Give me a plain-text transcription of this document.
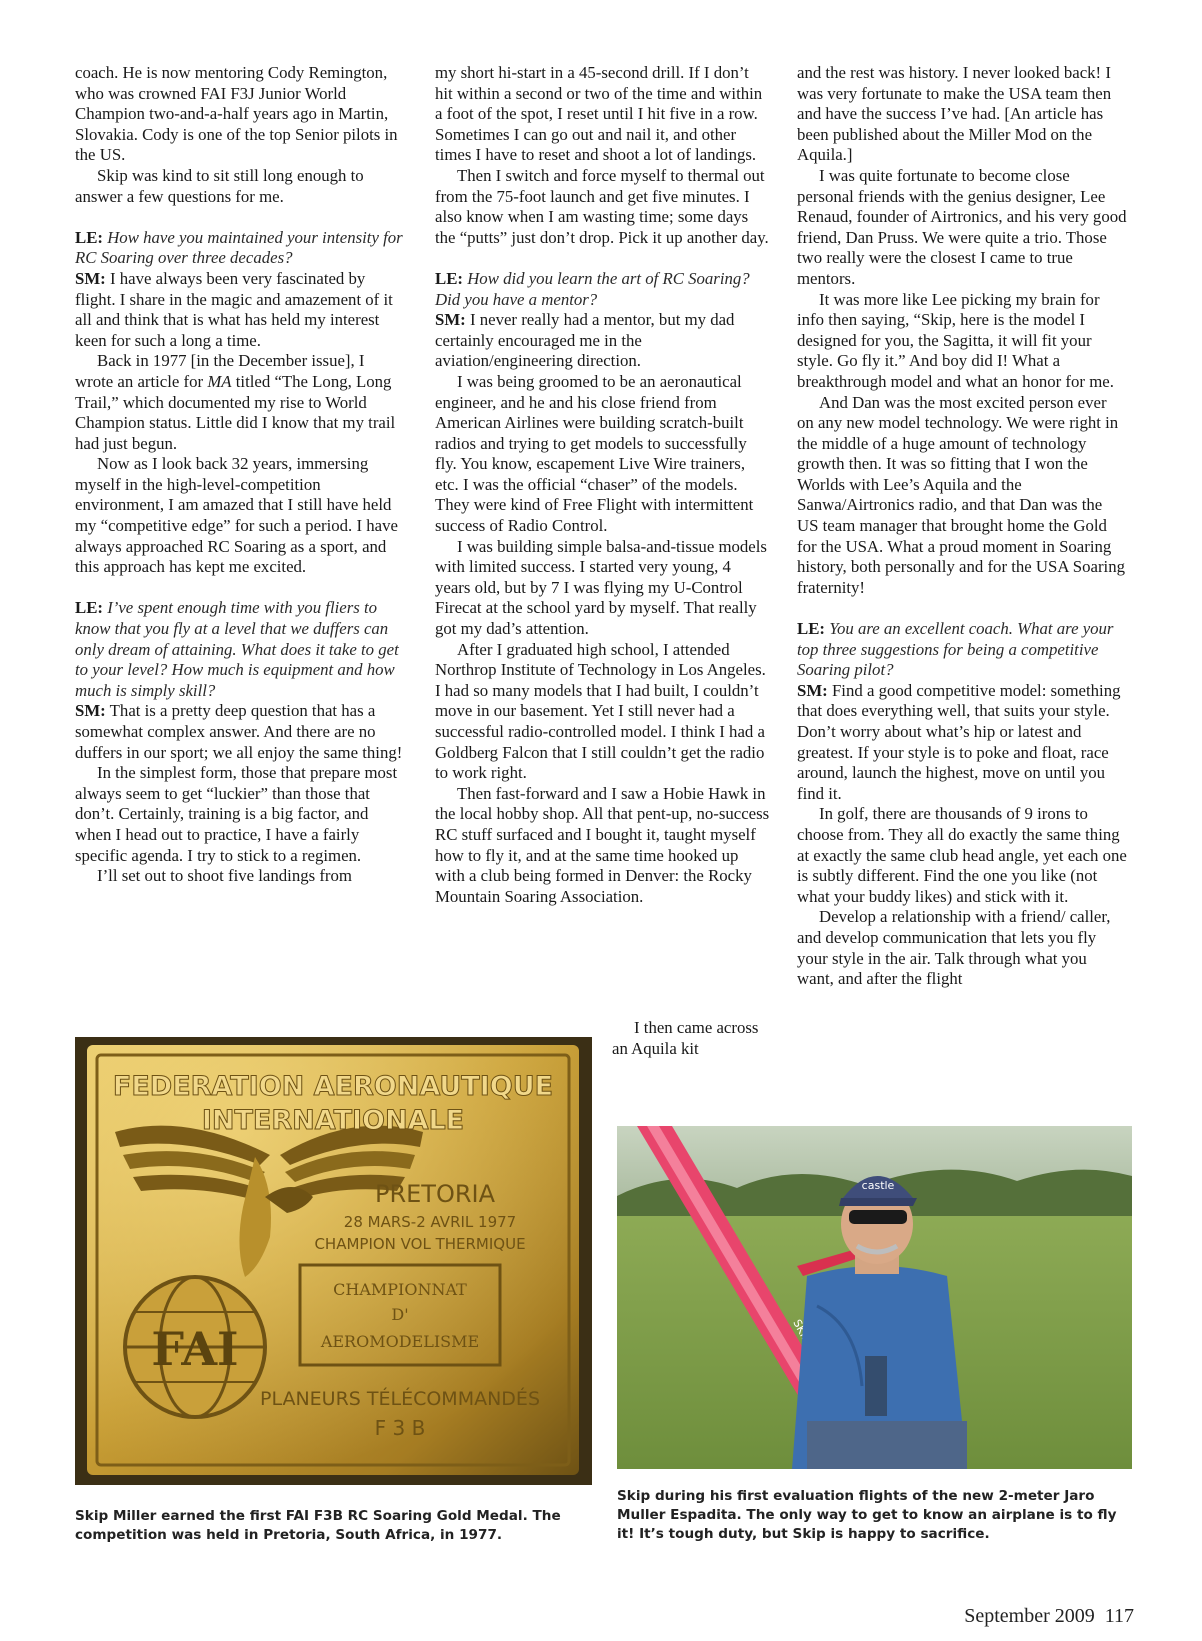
coach. He is now mentoring Cody Remington, who was crowned FAI F3J Junior World Champion two-and-a-half years ago in Martin, Slovakia. Cody is one of the top Senior pilots in the US.

Skip was kind to sit still long enough to answer a few questions for me.

LE: How have you maintained your intensity for RC Soaring over three decades?

SM: I have always been very fascinated by flight. I share in the magic and amazement of it all and think that is what has held my interest keen for such a long a time.

Back in 1977 [in the December issue], I wrote an article for MA titled “The Long, Long Trail,” which documented my rise to World Champion status. Little did I know that my trail had just begun.

Now as I look back 32 years, immersing myself in the high-level-competition environment, I am amazed that I still have held my “competitive edge” for such a period. I have always approached RC Soaring as a sport, and this approach has kept me excited.

LE: I’ve spent enough time with you fliers to know that you fly at a level that we duffers can only dream of attaining. What does it take to get to your level? How much is equipment and how much is simply skill?

SM: That is a pretty deep question that has a somewhat complex answer. And there are no duffers in our sport; we all enjoy the same thing!

In the simplest form, those that prepare most always seem to get “luckier” than those that don’t. Certainly, training is a big factor, and when I head out to practice, I have a fairly specific agenda. I try to stick to a regimen.

I’ll set out to shoot five landings from

my short hi-start in a 45-second drill. If I don’t hit within a second or two of the time and within a foot of the spot, I reset until I hit five in a row. Sometimes I can go out and nail it, and other times I have to reset and shoot a lot of landings.

Then I switch and force myself to thermal out from the 75-foot launch and get five minutes. I also know when I am wasting time; some days the “putts” just don’t drop. Pick it up another day.

LE: How did you learn the art of RC Soaring? Did you have a mentor?

SM: I never really had a mentor, but my dad certainly encouraged me in the aviation/engineering direction.

I was being groomed to be an aeronautical engineer, and he and his close friend from American Airlines were building scratch-built radios and trying to get models to successfully fly. You know, escapement Live Wire trainers, etc. I was the official “chaser” of the models. They were kind of Free Flight with intermittent success of Radio Control.

I was building simple balsa-and-tissue models with limited success. I started very young, 4 years old, but by 7 I was flying my U-Control Firecat at the school yard by myself. That really got my dad’s attention.

After I graduated high school, I attended Northrop Institute of Technology in Los Angeles. I had so many models that I had built, I couldn’t move in our basement. Yet I still never had a successful radio-controlled model. I think I had a Goldberg Falcon that I still couldn’t get the radio to work right.

Then fast-forward and I saw a Hobie Hawk in the local hobby shop. All that pent-up, no-success RC stuff surfaced and I bought it, taught myself how to fly it, and at the same time hooked up with a club being formed in Denver: the Rocky Mountain Soaring Association.

I then came across an Aquila kit

and the rest was history. I never looked back! I was very fortunate to make the USA team then and have the success I’ve had. [An article has been published about the Miller Mod on the Aquila.]

I was quite fortunate to become close personal friends with the genius designer, Lee Renaud, founder of Airtronics, and his very good friend, Dan Pruss. We were quite a trio. Those two really were the closest I came to true mentors.

It was more like Lee picking my brain for info then saying, “Skip, here is the model I designed for you, the Sagitta, it will fit your style. Go fly it.” And boy did I! What a breakthrough model and what an honor for me.

And Dan was the most excited person ever on any new model technology. We were right in the middle of a huge amount of technology growth then. It was so fitting that I won the Worlds with Lee’s Aquila and the Sanwa/Airtronics radio, and that Dan was the US team manager that brought home the Gold for the USA. What a proud moment in Soaring history, both personally and for the USA Soaring fraternity!

LE: You are an excellent coach. What are your top three suggestions for being a competitive Soaring pilot?

SM: Find a good competitive model: something that does everything well, that suits your style. Don’t worry about what’s hip or latest and greatest. If your style is to poke and float, race around, launch the highest, move on until you find it.

In golf, there are thousands of 9 irons to choose from. They all do exactly the same thing at exactly the same club head angle, yet each one is subtly different. Find the one you like (not what your buddy likes) and stick with it.

Develop a relationship with a friend/ caller, and develop communication that lets you fly your style in the air. Talk through what you want, and after the flight

FAI
FEDERATION AERONAUTIQUE
INTERNATIONALE
PRETORIA
28 MARS-2 AVRIL 1977
CHAMPION VOL THERMIQUE
CHAMPIONNAT
D'
AEROMODELISME
PLANEURS TÉLÉCOMMANDÉS
F 3 B
castle
Skip Miller earned the first FAI F3B RC Soaring Gold Medal. The competition was held in Pretoria, South Africa, in 1977.
Skip during his first evaluation flights of the new 2-meter Jaro Muller Espadita. The only way to get to know an airplane is to fly it! It’s tough duty, but Skip is happy to sacrifice.
September 2009 117
